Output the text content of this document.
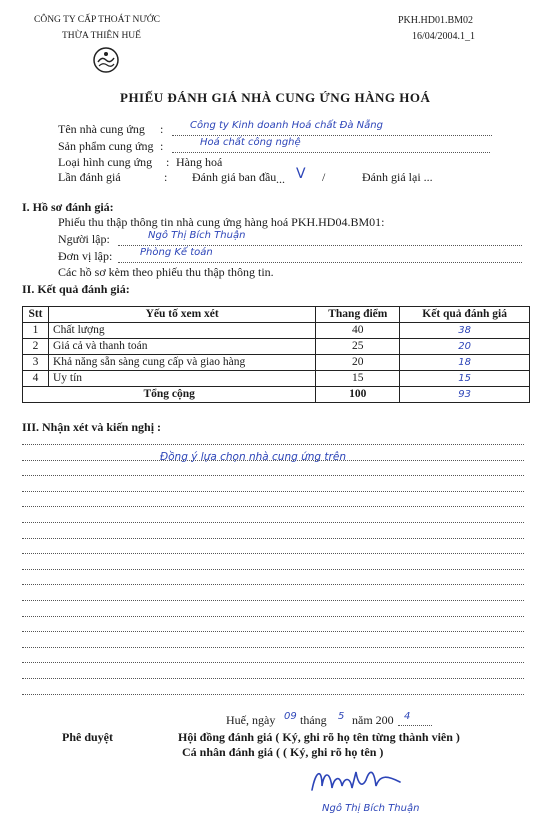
CÔNG TY CẤP THOÁT NƯỚC
THỪA THIÊN HUẾ
PKH.HD01.BM02
16/04/2004.1_1
PHIẾU ĐÁNH GIÁ NHÀ CUNG ỨNG HÀNG HOÁ
Tên nhà cung ứng :	Công ty Kinh doanh Hoá chất Đà Nẵng
Sản phẩm cung ứng :	Hoá chất công nghệ
Loại hình cung ứng : Hàng hoá
Lần đánh giá	: Đánh giá ban đầu ... V /	Đánh giá lại ...
I. Hồ sơ đánh giá:
Phiếu thu thập thông tin nhà cung ứng hàng hoá PKH.HD04.BM01:
Người lập:	Ngô Thị Bích Thuận
Đơn vị lập:	Phòng Kế toán
Các hồ sơ kèm theo phiếu thu thập thông tin.
II. Kết quả đánh giá:
Stt	Yếu tố xem xét	Thang điểm	Kết quả đánh giá
1	Chất lượng	40	38
2	Giá cả và thanh toán	25	20
3	Khả năng sẵn sàng cung cấp và giao hàng	20	18
4	Uy tín	15	15
Tổng cộng		100	93
III. Nhận xét và kiến nghị :
Đồng ý lựa chọn nhà cung ứng trên
Huế, ngày 09 tháng 5 năm 200 4
Phê duyệt	Hội đồng đánh giá ( Ký, ghi rõ họ tên từng thành viên )
Cá nhân đánh giá ( ( Ký, ghi rõ họ tên )
Ngô Thị Bích Thuận
